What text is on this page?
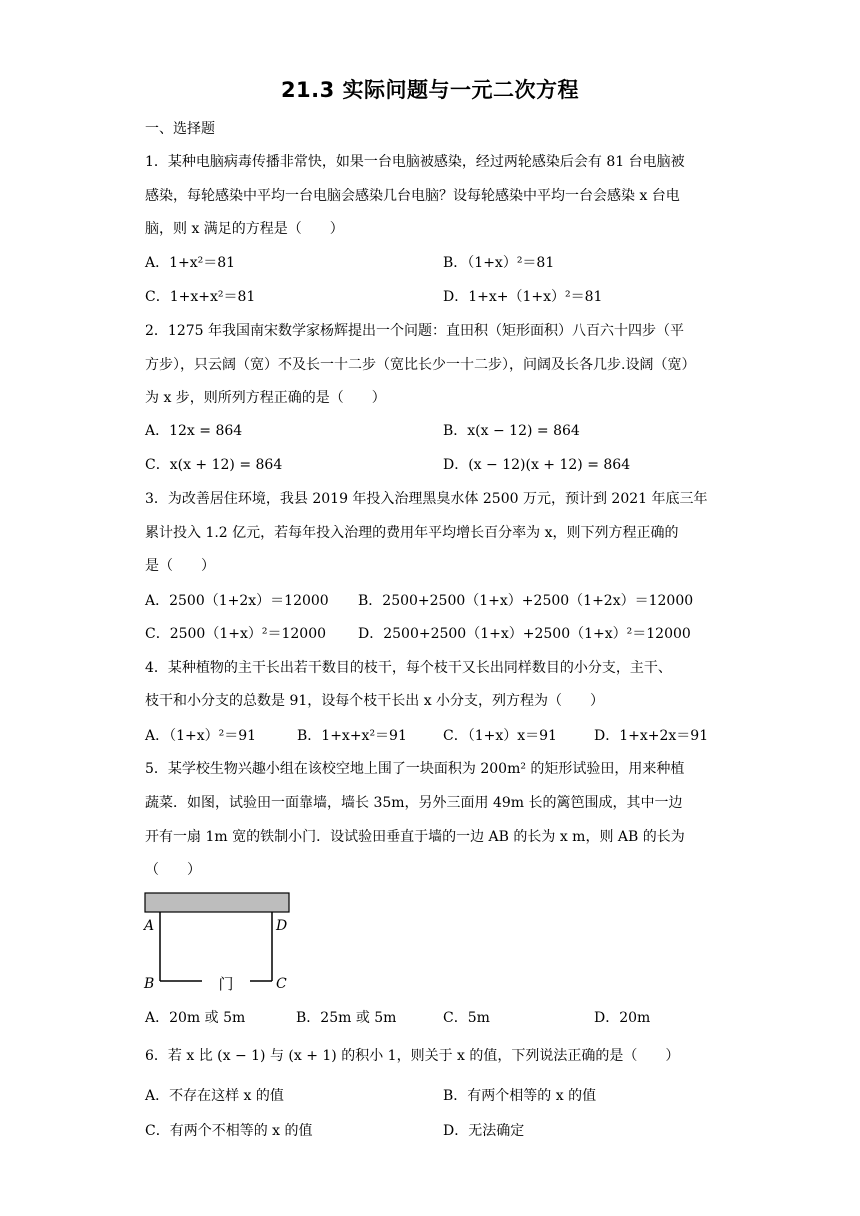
21.3 实际问题与一元二次方程
一、选择题
1．某种电脑病毒传播非常快，如果一台电脑被感染，经过两轮感染后会有 81 台电脑被
感染，每轮感染中平均一台电脑会感染几台电脑？设每轮感染中平均一台会感染 x 台电
脑，则 x 满足的方程是（　　）
A．1+x²＝81	B．（1+x）²＝81
C．1+x+x²＝81	D．1+x+（1+x）²＝81
2．1275 年我国南宋数学家杨辉提出一个问题：直田积（矩形面积）八百六十四步（平
方步），只云阔（宽）不及长一十二步（宽比长少一十二步），问阔及长各几步.设阔（宽）
为 x 步，则所列方程正确的是（　　）
A．12x = 864	B．x(x − 12) = 864
C．x(x + 12) = 864	D．(x − 12)(x + 12) = 864
3．为改善居住环境，我县 2019 年投入治理黑臭水体 2500 万元，预计到 2021 年底三年
累计投入 1.2 亿元，若每年投入治理的费用年平均增长百分率为 x，则下列方程正确的
是（　　）
A．2500（1+2x）＝12000 B．2500+2500（1+x）+2500（1+2x）＝12000
C．2500（1+x）²＝12000 D．2500+2500（1+x）+2500（1+x）²＝12000
4．某种植物的主干长出若干数目的枝干，每个枝干又长出同样数目的小分支，主干、
枝干和小分支的总数是 91，设每个枝干长出 x 小分支，列方程为（　　）
A．（1+x）²＝91	B．1+x+x²＝91	C．（1+x）x＝91	D．1+x+2x＝91
5．某学校生物兴趣小组在该校空地上围了一块面积为 200m² 的矩形试验田，用来种植
蔬菜．如图，试验田一面靠墙，墙长 35m，另外三面用 49m 长的篱笆围成，其中一边
开有一扇 1m 宽的铁制小门．设试验田垂直于墙的一边 AB 的长为 x m，则 AB 的长为
（　　）
A
B	C
D
门
A．20m 或 5m	B．25m 或 5m	C．5m	D．20m
6．若 x 比 (x − 1) 与 (x + 1) 的积小 1，则关于 x 的值，下列说法正确的是（　　）
A．不存在这样 x 的值	B．有两个相等的 x 的值
C．有两个不相等的 x 的值	D．无法确定
